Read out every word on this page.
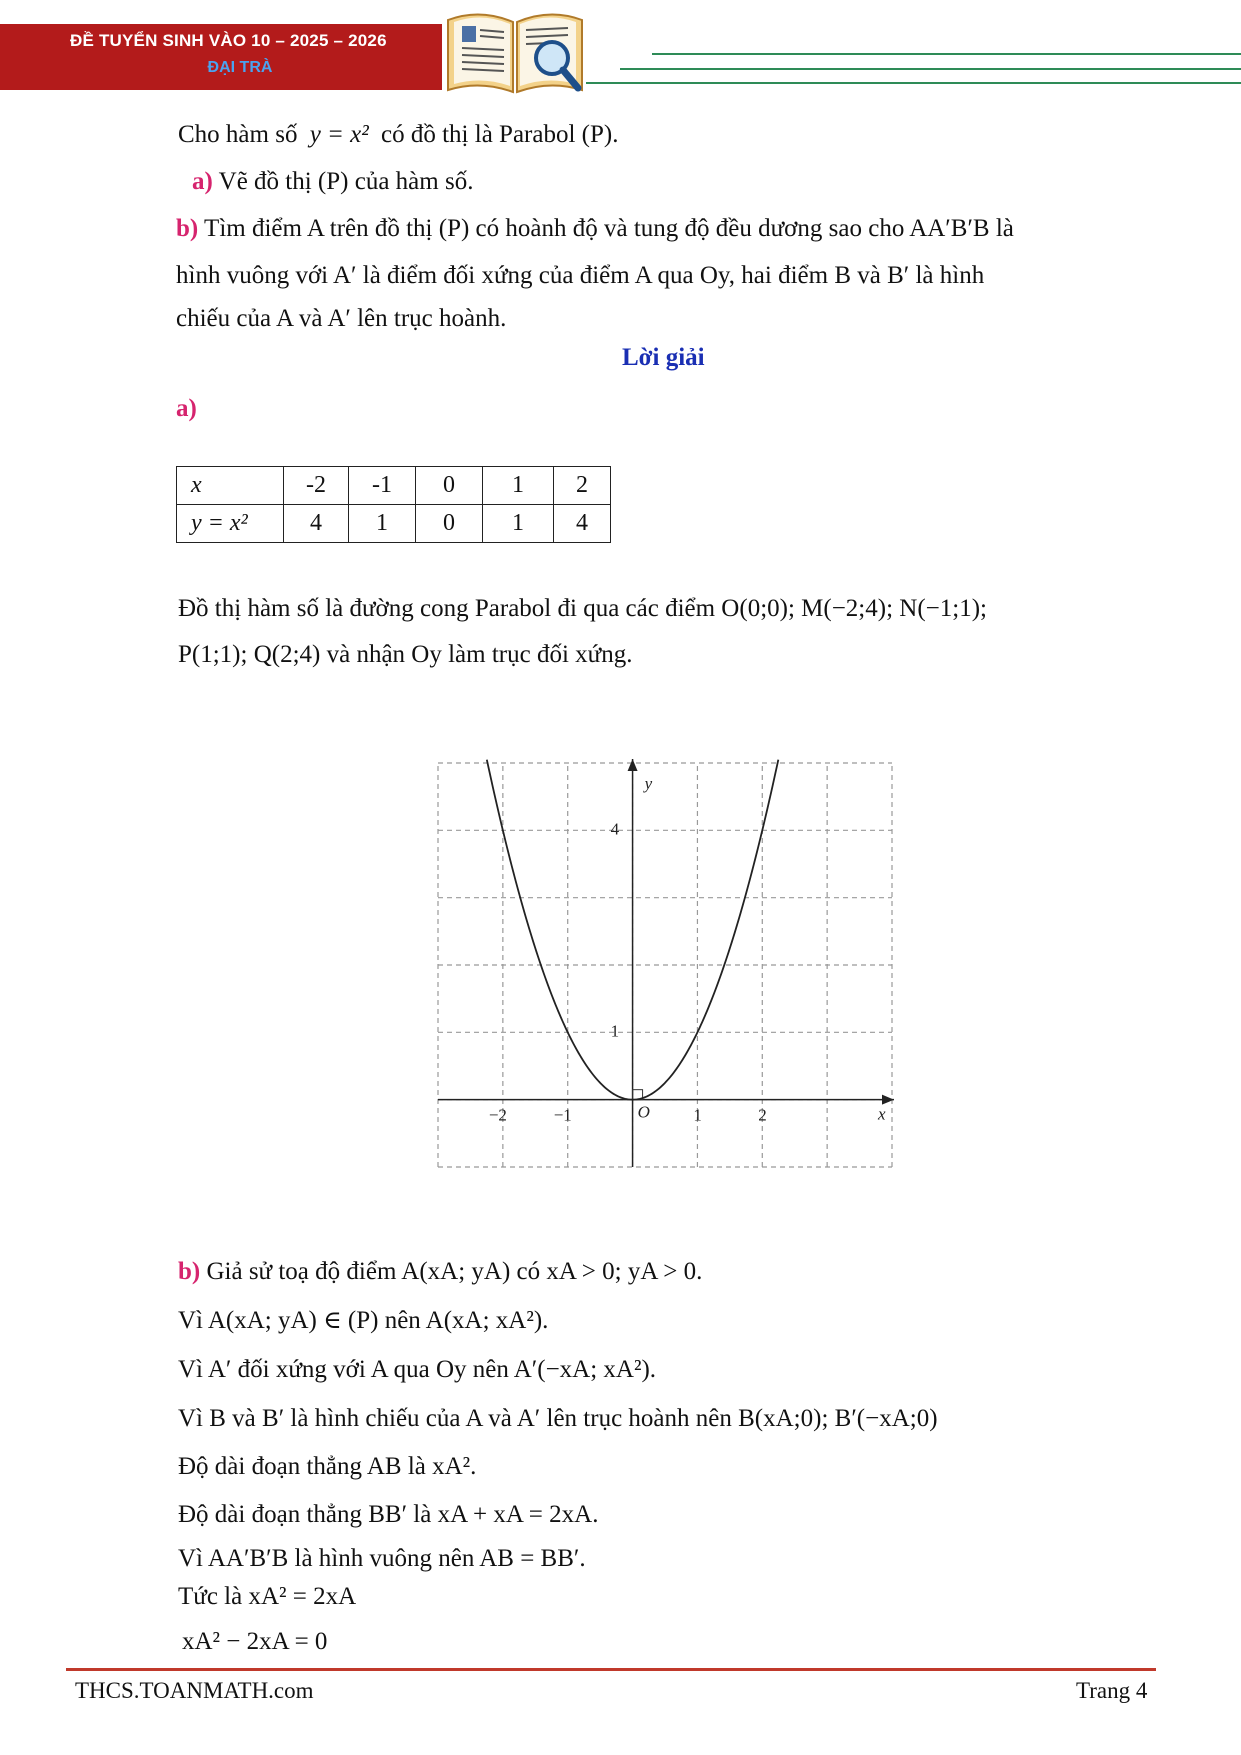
ĐỀ TUYỂN SINH VÀO 10 – 2025 – 2026
ĐẠI TRÀ
Cho hàm số y = x² có đồ thị là Parabol (P).
a) Vẽ đồ thị (P) của hàm số.
b) Tìm điểm A trên đồ thị (P) có hoành độ và tung độ đều dương sao cho AA′B′B là
hình vuông với A′ là điểm đối xứng của điểm A qua Oy, hai điểm B và B′ là hình
chiếu của A và A′ lên trục hoành.
Lời giải
a)
x	-2	-1	0	1	2
y = x²	4	1	0	1	4
Đồ thị hàm số là đường cong Parabol đi qua các điểm O(0;0); M(−2;4); N(−1;1);
P(1;1); Q(2;4) và nhận Oy làm trục đối xứng.
−2	−1	1	2
1
4
O	x
y
b) Giả sử toạ độ điểm A(xA; yA) có xA > 0; yA > 0.
Vì A(xA; yA) ∈ (P) nên A(xA; xA²).
Vì A′ đối xứng với A qua Oy nên A′(−xA; xA²).
Vì B và B′ là hình chiếu của A và A′ lên trục hoành nên B(xA;0); B′(−xA;0)
Độ dài đoạn thẳng AB là xA².
Độ dài đoạn thẳng BB′ là xA + xA = 2xA.
Vì AA′B′B là hình vuông nên AB = BB′.
Tức là xA² = 2xA
xA² − 2xA = 0
THCS.TOANMATH.com	Trang 4
